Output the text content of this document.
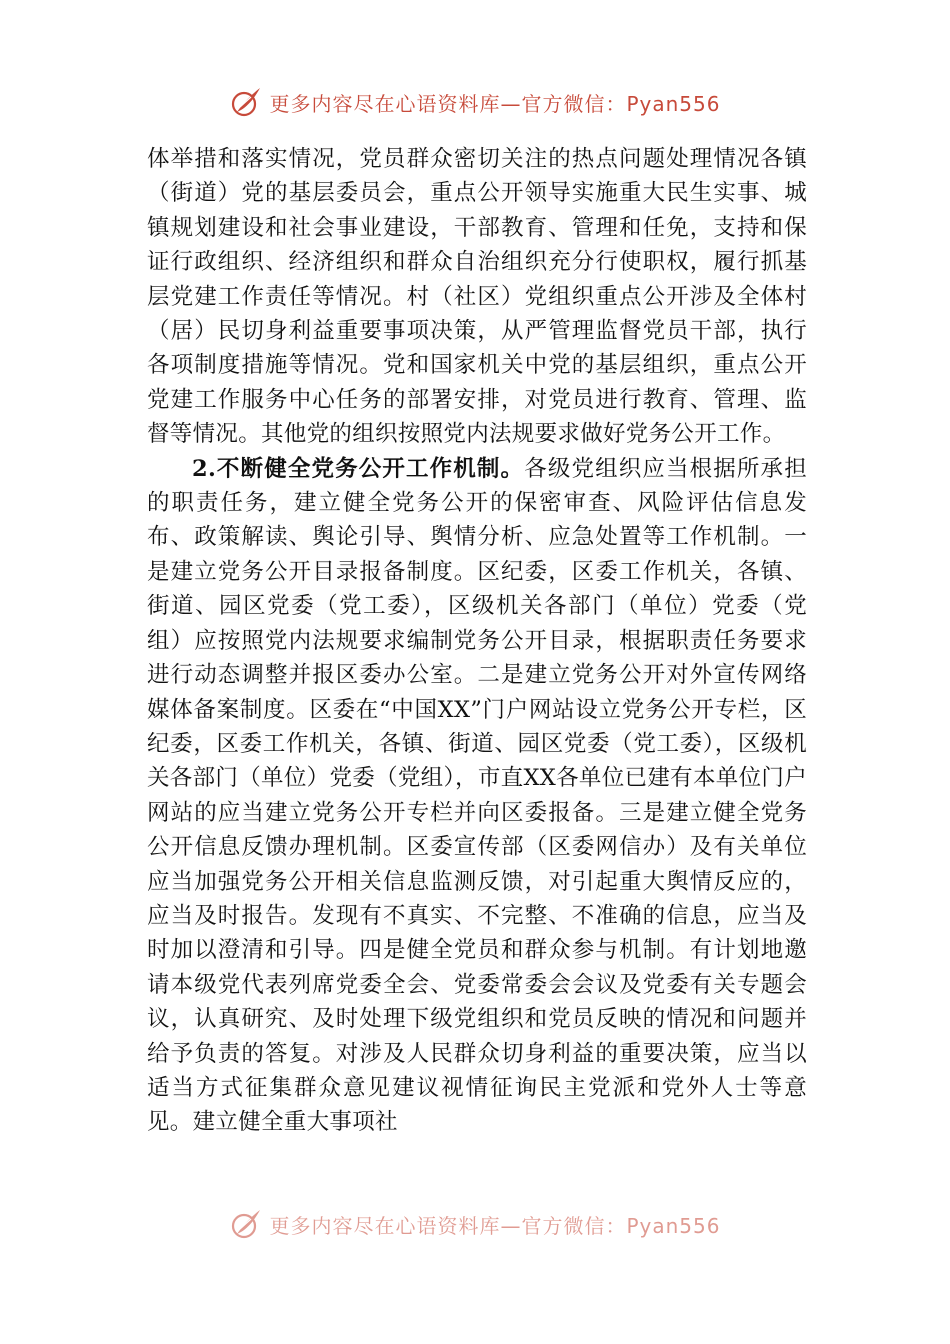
更多内容尽在心语资料库—官方微信：Pyan556

体举措和落实情况，党员群众密切关注的热点问题处理情况各镇（街道）党的基层委员会，重点公开领导实施重大民生实事、城镇规划建设和社会事业建设，干部教育、管理和任免，支持和保证行政组织、经济组织和群众自治组织充分行使职权，履行抓基层党建工作责任等情况。村（社区）党组织重点公开涉及全体村（居）民切身利益重要事项决策，从严管理监督党员干部，执行各项制度措施等情况。党和国家机关中党的基层组织，重点公开党建工作服务中心任务的部署安排，对党员进行教育、管理、监督等情况。其他党的组织按照党内法规要求做好党务公开工作。

2.不断健全党务公开工作机制。各级党组织应当根据所承担的职责任务，建立健全党务公开的保密审查、风险评估信息发布、政策解读、舆论引导、舆情分析、应急处置等工作机制。一是建立党务公开目录报备制度。区纪委，区委工作机关，各镇、街道、园区党委（党工委），区级机关各部门（单位）党委（党组）应按照党内法规要求编制党务公开目录，根据职责任务要求进行动态调整并报区委办公室。二是建立党务公开对外宣传网络媒体备案制度。区委在“中国XX”门户网站设立党务公开专栏，区纪委，区委工作机关，各镇、街道、园区党委（党工委），区级机关各部门（单位）党委（党组），市直XX各单位已建有本单位门户网站的应当建立党务公开专栏并向区委报备。三是建立健全党务公开信息反馈办理机制。区委宣传部（区委网信办）及有关单位应当加强党务公开相关信息监测反馈，对引起重大舆情反应的，应当及时报告。发现有不真实、不完整、不准确的信息，应当及时加以澄清和引导。四是健全党员和群众参与机制。有计划地邀请本级党代表列席党委全会、党委常委会会议及党委有关专题会议，认真研究、及时处理下级党组织和党员反映的情况和问题并给予负责的答复。对涉及人民群众切身利益的重要决策，应当以适当方式征集群众意见建议视情征询民主党派和党外人士等意见。建立健全重大事项社

更多内容尽在心语资料库—官方微信：Pyan556
